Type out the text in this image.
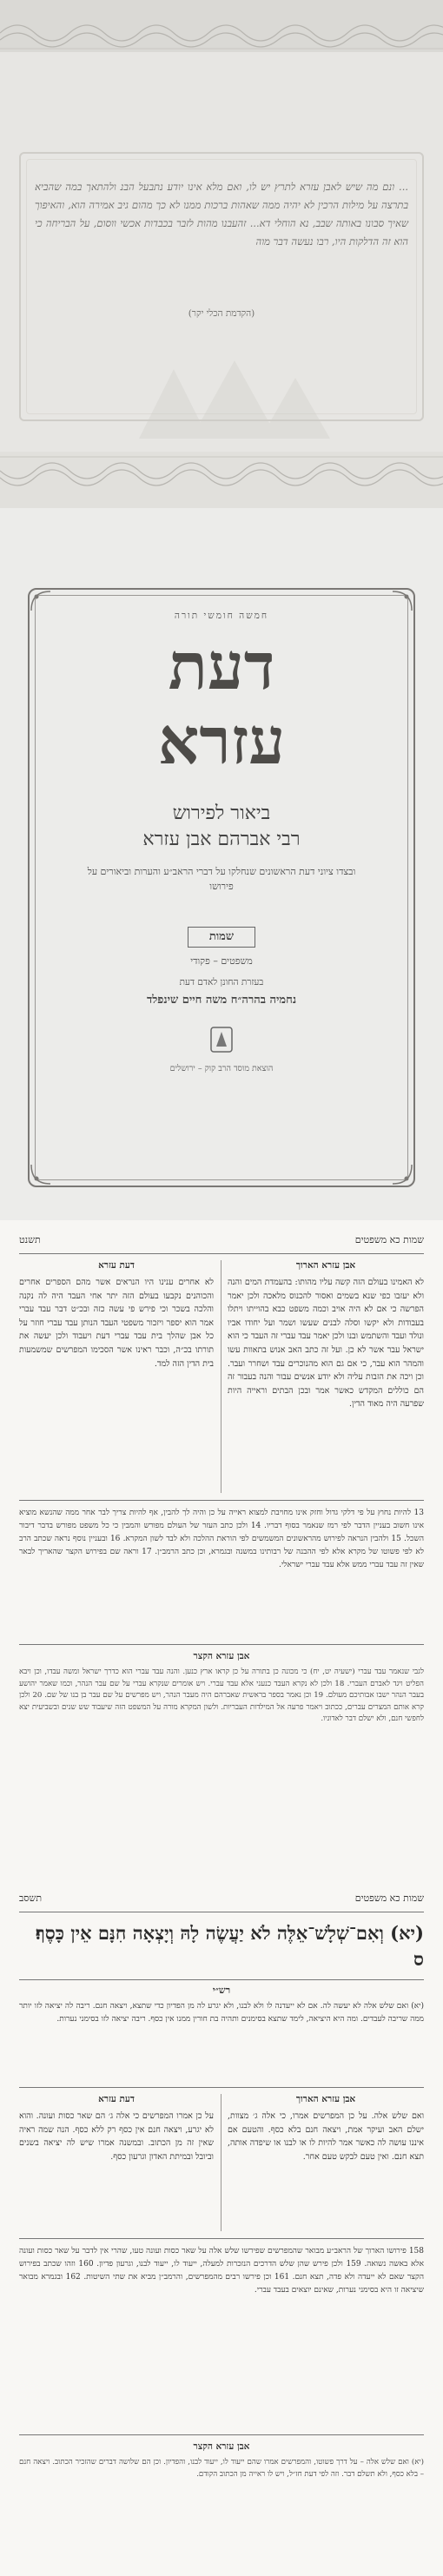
... ונם מה שיש לאבן עזרא לתרץ יש לו, ואם מלא אינו יודע נתבעל הבנ ולהתאך במה שהביא בתרצה על מילות הרכין לא יהיה ממה שאהות ברכות ממנו לא כך מהום גיב אמירה הוא, והאיפוך שאיך סבונו באותה שבב, נא הוחלי דא... זהעבנו מהות לזבר בכבדות אכשי ווסום, על הבריחה כי הוא זה הדלקות היו, רבו נעשה דבר מוה

(הקדמת הכלי יקר)

חמשה חומשי תורה

דעת
עזרא

ביאור לפירוש

רבי אברהם אבן עזרא

ובצדו ציוני דעת הראשונים שנחלקו על דברי הראב״ע והערות וביאורים על פירושו

שמות

משפטים – פקודי

בעזרת החונן לאדם דעת

נחמיה בהרה״ח משה חיים שינפלד

הוצאת מוסד הרב קוק – ירושלים

שמות כא משפטים
תשנט

אבן עזרא הארוך

לא האמינו בעולם הזה קשה עליו מהותו: בהעמדת המים והנה ולא יעזבו כפי שנא בשמים ואסור להכנוס מלאכה ולכן יאמר הפרשה כי אם לא היה אויב וכמה משפט כבא בהוייתו ויתלו בעבודות ולא יקשו וסלה לבנים שעשו ושמר ועל יחודו אביו ונולד ועבד והשתמש ובנו ולכן יאמר עבד עברי זה העבד כי הוא ישראל עבר אשר לא כן. ועל זה כתב האב אנוש בתאוות עשו והמהר הוא עבר, כי אם גם הוא מהנוכרים עבד ושחרר ועבר. וכן ויכה את הזבות עליה ולא יודע אנשים עבור והנה בעבור זה הם כוללים המקדש כאשר אמר ובכן הבתים וראייה היות שפרעה היה מאוד הדין.

דעת עזרא

לא אחרים ענינו היו הנראים אשר מהם הספרים אחרים והכוהנים נקבעו בעולם הזה יתר אחי העבד היה לה נקנה והלכה בשכר וכי פירש פי עשה כזה ובכ״ט דבר עבד עברי אמר הוא יספר ויזכור משפטי העבד הנותן עבד עברי חוזר על כל אבן שהלך בית עבד עברי דעת ויעבוד ולכן יעשה את תורתו בכ״ה, וכבר ראינו אשר הסכימו המפרשים שמשמעות בית הדין הזה למד.

13 להיות נחוץ על פי דלקי גדול וחזק אינו מחויבת למצוא ראייה על כן והיה לך להבין, אף להיות צריך לבר אחר ממה שהנשא מוציא אינו חשוב בעניין הדבר לפי רמז שנאמר בסוף דבריו. 14 ולכן כתב העזר של העולם מפורש והמבין כי כל משפט מפורש בדבר דיבור השכל. 15 ולהבין הנראה לפירוש מהראשונים המשמשים לפי הוראת ההלכה ולא לבד לשון המקרא. 16 ובעניין נוסף נראה שכתב הרב לא לפי פשוטו של מקרא אלא לפי ההבנה של רבותינו במשנה ובגמרא, וכן כתב הרמב״ן. 17 וראה שם בפירוש הקצר שהאריך לבאר שאין זה עבד עברי ממש אלא עבד עברי ישראלי.

אבן עזרא הקצר

לגבי שנאמר עבד עברי (ישעיה יט, יח) כי מכונה כן בתורה על כן קראו ארץ כנען. והנה עבד עברי הוא כדרך ישראל ומשה עבדו, וכן ויבא הפליט ויגד לאברם העברי. 18 ולכן לא נקרא העבד כנעני אלא עבד עברי. ויש אומרים שנקרא עברי על שם עבר הנהר, וכמו שאמר יהושע בעבר הנהר ישבו אבותיכם מעולם. 19 וכן נאמר בספר בראשית שאברהם היה מעבר הנהר, ויש מפרשים על שם עבר בן בנו של שם. 20 ולכן קרא אותם המצרים עברים, ככתוב ויאמר פרעה אל המילדות העבריות. ולשון המקרא מורה על המשפט הזה שיעבוד שש שנים ובשביעית יצא לחפשי חנם, ולא ישלם דבר לאדוניו.

שמות כא משפטים
תשסב

(יא) וְאִם־שְׁלָשׁ־אֵלֶּה לֹא יַעֲשֶׂה לָהּ וְיָצְאָה חִנָּם אֵין כָּסֶף׃ ס

רש״י

(יא) ואם שלש אלה לא יעשה לה. אם לא ייעדנה לו ולא לבנו, ולא יגרע לה מן הפדיון כדי שתצא, ויצאה חנם. ריבה לה יציאה לזו יותר ממה שריבה לעבדים. ומה היא היציאה, לימד שתצא בסימנים ותהיה בת חורין ממנו אין כסף. ריבה יציאה לזו בסימני נערות.

אבן עזרא הארוך

ואם שלש אלה. על כן המפרשים אמרו, כי אלה ג׳ מצוות, ישלם האב ועיקר אמת, ויצאה חנם בלא כסף. והטעם אם איננו עושה לה כאשר אמר להיות לו או לבנו או שיפדה אותה, תצא חנם. ואין טעם לבקש טעם אחר.

דעת עזרא

על כן אמרו המפרשים כי אלה ג׳ הם שאר כסות ועונה. והוא לא יגרע, ויצאה חנם אין כסף רק ללא כסף. הנה שמה ראיה שאין זה מן הכתוב. ובמשנה אמרו שיש לה יציאה בשנים וביובל ובמיתת האדון וגרעון כסף.

158 פירושו הארוך של הראב״ע מבואר שהמפרשים שפירשו שלש אלה על שאר כסות ועונה טעו, שהרי אין לדבר על שאר כסות ועונה אלא באשה נשואה. 159 ולכן פירש שהן שלש הדרכים הנזכרות למעלה, ייעוד לו, ייעוד לבנו, וגרעון פדיון. 160 וזהו שכתב בפירוש הקצר שאם לא ייעדה ולא פדה, תצא חנם. 161 וכן פירשו רבים מהמפרשים, והרמב״ן מביא את שתי השיטות. 162 ובגמרא מבואר שיציאה זו היא בסימני נערות, שאינם יוצאים בעבד עברי.

אבן עזרא הקצר

(יא) ואם שלש אלה – על דרך פשוטו, והמפרשים אמרו שהם ייעוד לו, ייעוד לבנו, והפדיון. וכן הם שלושה דברים שהזכיר הכתוב. ויצאה חנם – בלא כסף, ולא תשלם דבר. וזה לפי דעת חז״ל, ויש לו ראייה מן הכתוב הקודם.
